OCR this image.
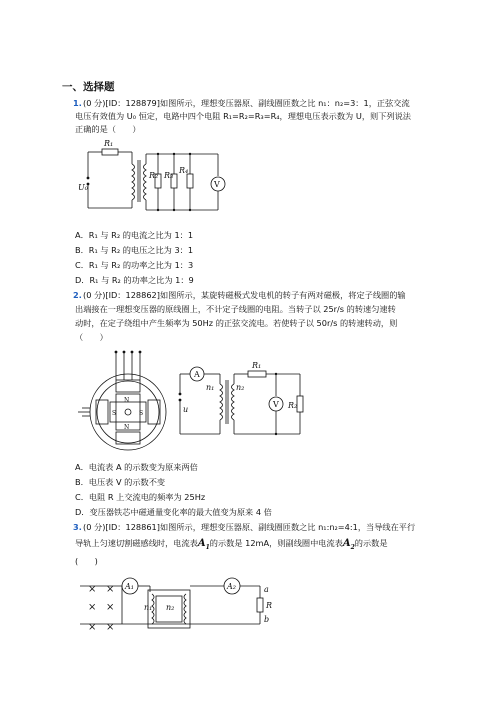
一、选择题
1. (0 分)[ID：128879]如图所示，理想变压器原、副线圈匝数之比 n₁：n₂=3：1，正弦交流
电压有效值为 U₀ 恒定，电路中四个电阻 R₁=R₂=R₃=R₄，理想电压表示数为 U，则下列说法
正确的是（　　）
R₁
U₀
R₂ R₃
R₄
V
A．R₁ 与 R₂ 的电流之比为 1：1
B．R₁ 与 R₂ 的电压之比为 3：1
C．R₁ 与 R₂ 的功率之比为 1：3
D．R₁ 与 R₂ 的功率之比为 1：9
2. (0 分)[ID：128862]如图所示，某旋转磁极式发电机的转子有两对磁极，将定子线圈的输
出端接在一理想变压器的原线圈上，不计定子线圈的电阻。当转子以 25r/s 的转速匀速转
动时，在定子绕组中产生频率为 50Hz 的正弦交流电。若使转子以 50r/s 的转速转动，则
（　　）
N
N
S	S
A
n₁	n₂
u
R₁
V R₂
A．电流表 A 的示数变为原来两倍
B．电压表 V 的示数不变
C．电阻 R 上交流电的频率为 25Hz
D．变压器铁芯中磁通量变化率的最大值变为原来 4 倍
3. (0 分)[ID：128861]如图所示，理想变压器原、副线圈匝数之比 n₁:n₂=4:1，当导线在平行
导轨上匀速切割磁感线时，电流表$A_1$的示数是 12mA，则副线圈中电流表$A_2$的示数是
(　　)
× ×
× ×
× ×
A₁	A₂
n₁ n₂
a
R
b
